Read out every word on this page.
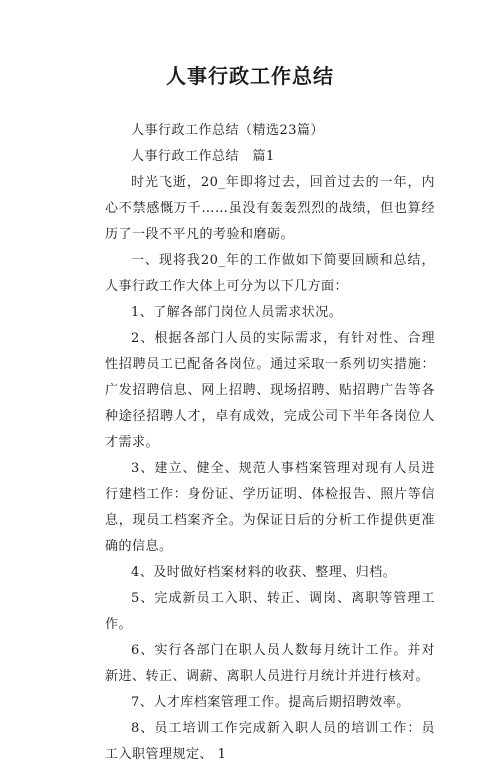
人事行政工作总结

人事行政工作总结（精选23篇）

人事行政工作总结　篇1

时光飞逝，20_年即将过去，回首过去的一年，内心不禁感慨万千……虽没有轰轰烈烈的战绩，但也算经历了一段不平凡的考验和磨砺。

一、现将我20_年的工作做如下简要回顾和总结，人事行政工作大体上可分为以下几方面：

1、了解各部门岗位人员需求状况。

2、根据各部门人员的实际需求，有针对性、合理性招聘员工已配备各岗位。通过采取一系列切实措施：广发招聘信息、网上招聘、现场招聘、贴招聘广告等各种途径招聘人才，卓有成效，完成公司下半年各岗位人才需求。

3、建立、健全、规范人事档案管理对现有人员进行建档工作：身份证、学历证明、体检报告、照片等信息，现员工档案齐全。为保证日后的分析工作提供更准确的信息。

4、及时做好档案材料的收获、整理、归档。

5、完成新员工入职、转正、调岗、离职等管理工作。

6、实行各部门在职人员人数每月统计工作。并对新进、转正、调薪、离职人员进行月统计并进行核对。

7、人才库档案管理工作。提高后期招聘效率。

8、员工培训工作完成新入职人员的培训工作：员工入职管理规定、 1
